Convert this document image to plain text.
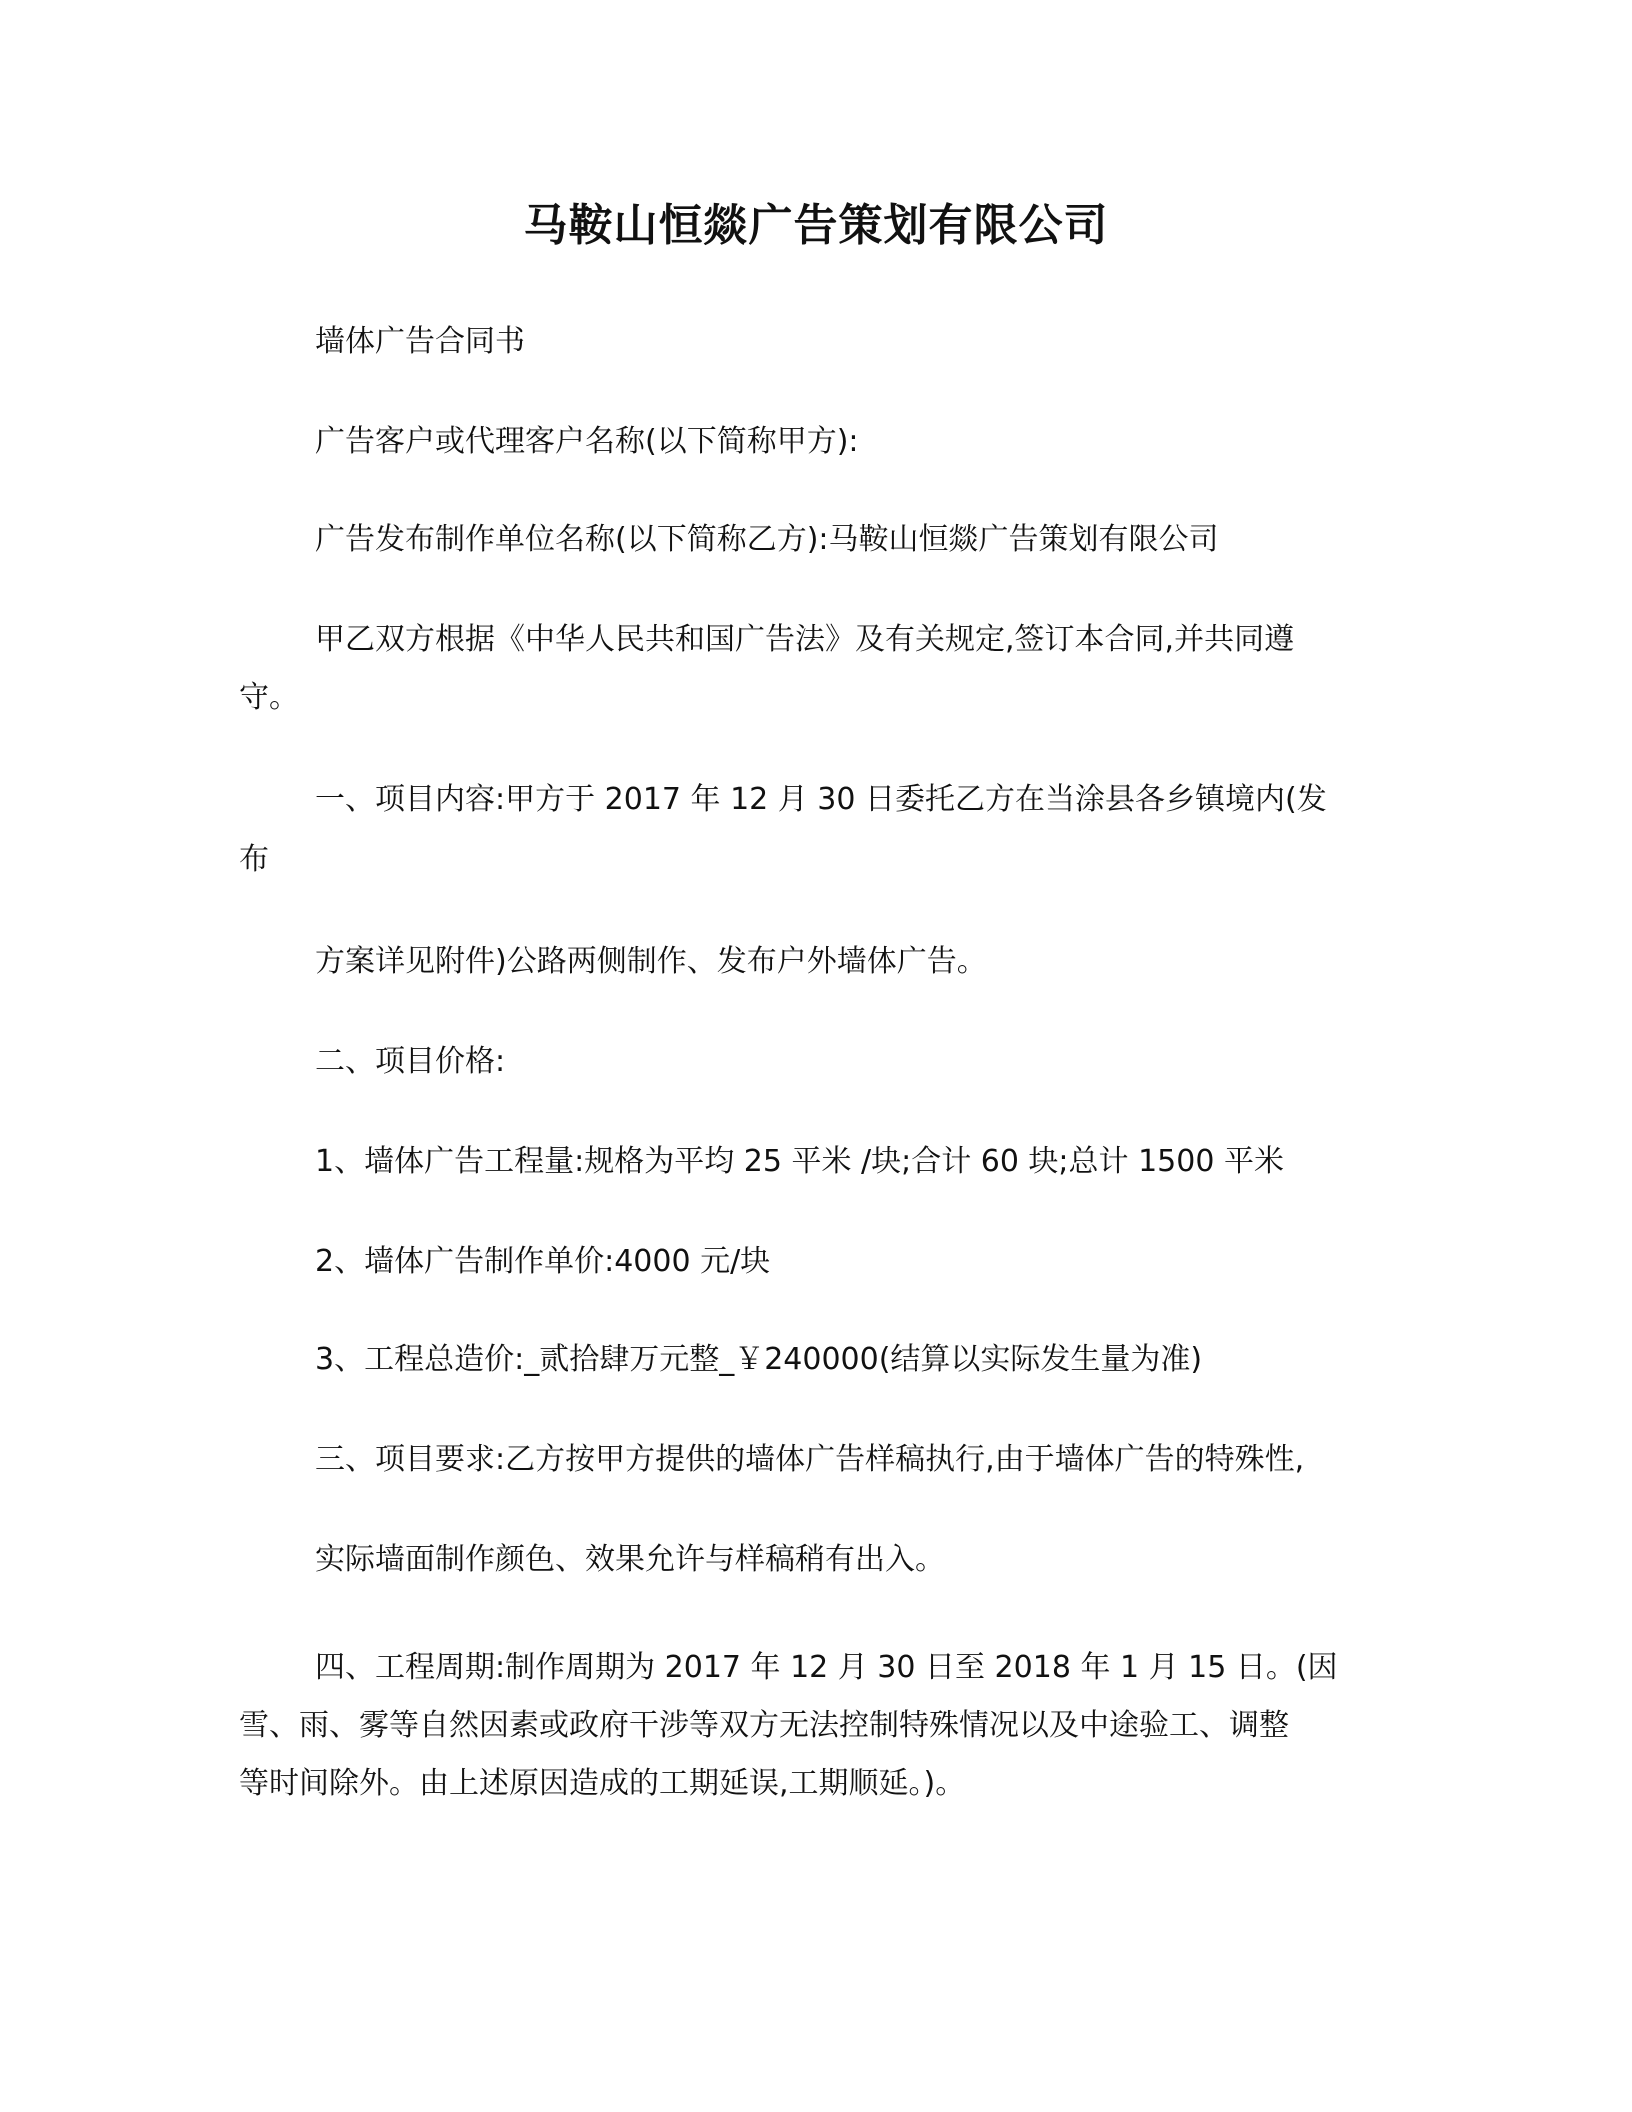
马鞍山恒燚广告策划有限公司
墙体广告合同书
广告客户或代理客户名称(以下简称甲方):
广告发布制作单位名称(以下简称乙方):马鞍山恒燚广告策划有限公司
甲乙双方根据《中华人民共和国广告法》及有关规定,签订本合同,并共同遵
守。
一、项目内容:甲方于 2017 年 12 月 30 日委托乙方在当涂县各乡镇境内(发
布
方案详见附件)公路两侧制作、发布户外墙体广告。
二、项目价格:
1、墙体广告工程量:规格为平均 25 平米 /块;合计 60 块;总计 1500 平米
2、墙体广告制作单价:4000 元/块
3、工程总造价:_贰拾肆万元整_￥240000(结算以实际发生量为准)
三、项目要求:乙方按甲方提供的墙体广告样稿执行,由于墙体广告的特殊性,
实际墙面制作颜色、效果允许与样稿稍有出入。
四、工程周期:制作周期为 2017 年 12 月 30 日至 2018 年 1 月 15 日。(因
雪、雨、雾等自然因素或政府干涉等双方无法控制特殊情况以及中途验工、调整
等时间除外。由上述原因造成的工期延误,工期顺延。)。
